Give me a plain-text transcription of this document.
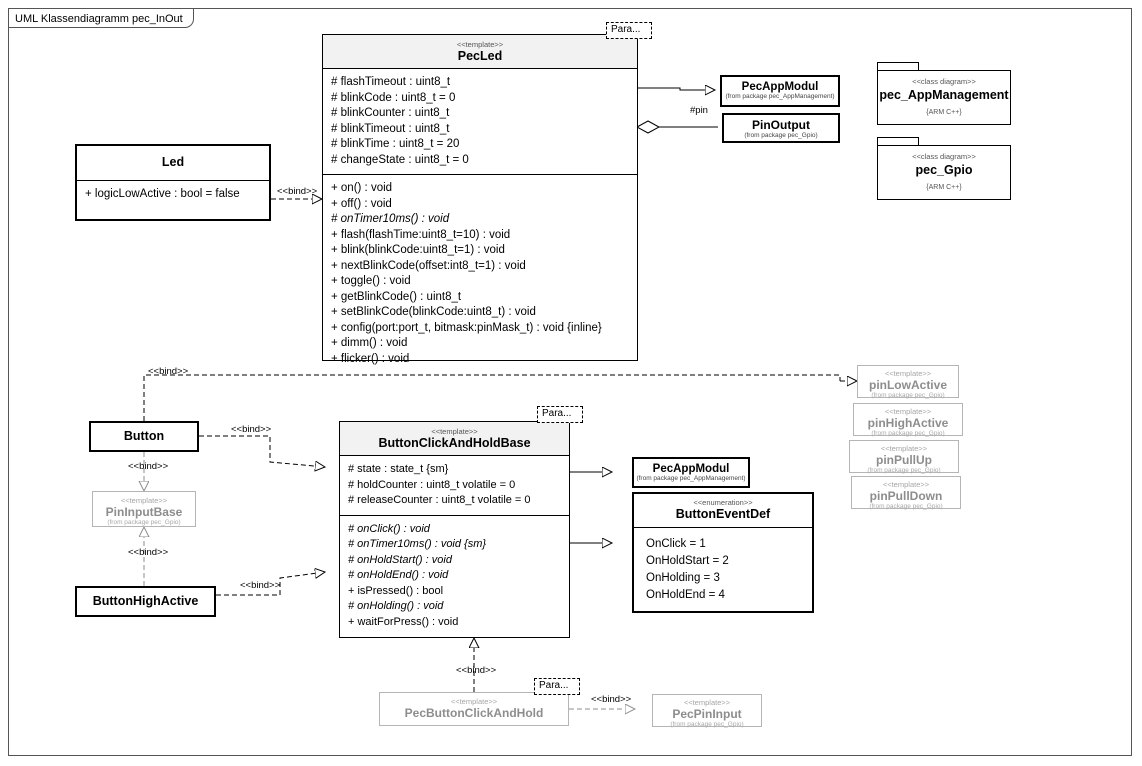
UML Klassendiagramm pec_InOut
<<template>>
PecLed
# flashTimeout : uint8_t
# blinkCode : uint8_t = 0
# blinkCounter : uint8_t
# blinkTimeout : uint8_t
# blinkTime : uint8_t = 20
# changeState : uint8_t = 0
+ on() : void
+ off() : void
# onTimer10ms() : void
+ flash(flashTime:uint8_t=10) : void
+ blink(blinkCode:uint8_t=1) : void
+ nextBlinkCode(offset:int8_t=1) : void
+ toggle() : void
+ getBlinkCode() : uint8_t
+ setBlinkCode(blinkCode:uint8_t) : void
+ config(port:port_t, bitmask:pinMask_t) : void {inline}
+ dimm() : void
+ flicker() : void
Para...
Led
+ logicLowActive : bool = false	<<bind>>
PecAppModul
(from package pec_AppManagement)
PinOutput
(from package pec_Gpio)
#pin
<<class diagram>>
pec_AppManagement
{ARM C++}
<<class diagram>>
pec_Gpio
{ARM C++}
<<template>>
pinLowActive
(from package pec_Gpio)
<<template>>
pinHighActive
(from package pec_Gpio)
<<template>>
pinPullUp
(from package pec_Gpio)
<<template>>
pinPullDown
(from package pec_Gpio)
Button
<<bind>>
<<bind>>
<<bind>>
<<template>>
PinInputBase
(from package pec_Gpio)
<<bind>>
ButtonHighActive
<<bind>>
<<template>>
ButtonClickAndHoldBase
# state : state_t {sm}
# holdCounter : uint8_t volatile = 0
# releaseCounter : uint8_t volatile = 0
# onClick() : void
# onTimer10ms() : void {sm}
# onHoldStart() : void
# onHoldEnd() : void
+ isPressed() : bool
# onHolding() : void
+ waitForPress() : void
Para...
PecAppModul
(from package pec_AppManagement)
<<enumeration>>
ButtonEventDef
OnClick = 1
OnHoldStart = 2
OnHolding = 3
OnHoldEnd = 4
<<template>>
PecButtonClickAndHold
Para...
<<bind>>
<<bind>>	<<template>>
PecPinInput
(from package pec_Gpio)
